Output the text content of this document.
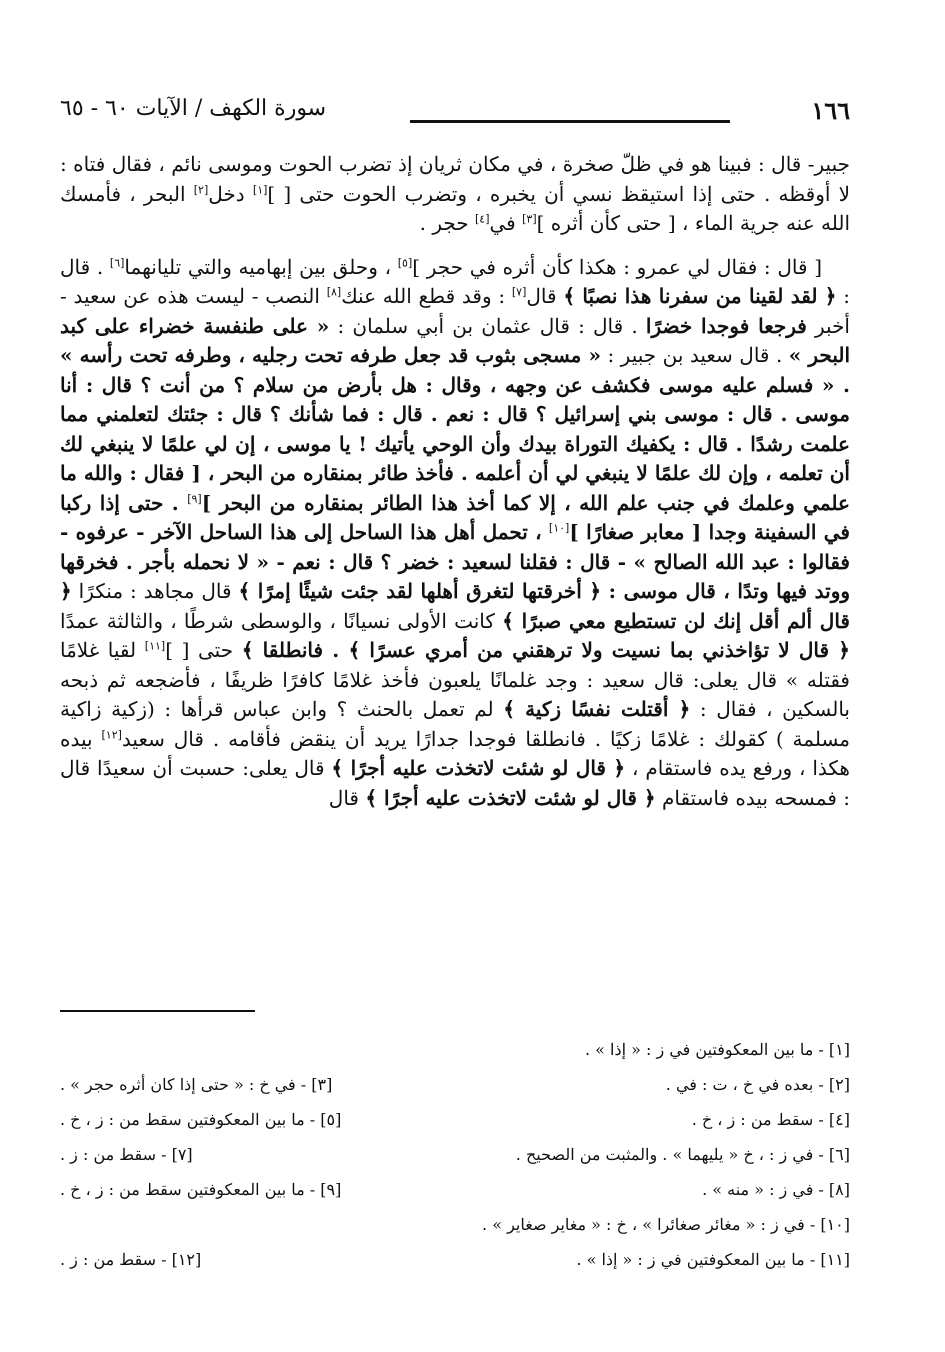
١٦٦
سورة الكهف / الآيات ٦٠ - ٦٥

جبير- قال : فبينا هو في ظلّ صخرة ، في مكان ثريان إذ تضرب الحوت وموسى نائم ، فقال فتاه : لا أوقظه . حتى إذا استيقظ نسي أن يخبره ، وتضرب الحوت حتى [ ][١] دخل[٢] البحر ، فأمسك الله عنه جرية الماء ، [ حتى كأن أثره ][٣] في[٤] حجر .

[ قال : فقال لي عمرو : هكذا كأن أثره في حجر ][٥] ، وحلق بين إبهاميه والتي تليانهما[٦] . قال : ﴿ لقد لقينا من سفرنا هذا نصبًا ﴾ قال[٧] : وقد قطع الله عنك[٨] النصب - ليست هذه عن سعيد - أخبر فرجعا فوجدا خضرًا . قال : قال عثمان بن أبي سلمان : « على طنفسة خضراء على كبد البحر » . قال سعيد بن جبير : « مسجى بثوب قد جعل طرفه تحت رجليه ، وطرفه تحت رأسه » . « فسلم عليه موسى فكشف عن وجهه ، وقال : هل بأرض من سلام ؟ من أنت ؟ قال : أنا موسى . قال : موسى بني إسرائيل ؟ قال : نعم . قال : فما شأنك ؟ قال : جئتك لتعلمني مما علمت رشدًا . قال : يكفيك التوراة بيدك وأن الوحي يأتيك ! يا موسى ، إن لي علمًا لا ينبغي لك أن تعلمه ، وإن لك علمًا لا ينبغي لي أن أعلمه . فأخذ طائر بمنقاره من البحر ، [ فقال : والله ما علمي وعلمك في جنب علم الله ، إلا كما أخذ هذا الطائر بمنقاره من البحر ][٩] . حتى إذا ركبا في السفينة وجدا [ معابر صغارًا ][١٠] ، تحمل أهل هذا الساحل إلى هذا الساحل الآخر - عرفوه - فقالوا : عبد الله الصالح » - قال : فقلنا لسعيد : خضر ؟ قال : نعم - « لا نحمله بأجر . فخرقها ووتد فيها وتدًا ، قال موسى : ﴿ أخرقتها لتغرق أهلها لقد جئت شيئًا إمرًا ﴾ قال مجاهد : منكرًا ﴿ قال ألم أقل إنك لن تستطيع معي صبرًا ﴾ كانت الأولى نسيانًا ، والوسطى شرطًا ، والثالثة عمدًا ﴿ قال لا تؤاخذني بما نسيت ولا ترهقني من أمري عسرًا ﴾ . فانطلقا ﴾ حتى [ ][١١] لقيا غلامًا فقتله » قال يعلى: قال سعيد : وجد غلمانًا يلعبون فأخذ غلامًا كافرًا ظريفًا ، فأضجعه ثم ذبحه بالسكين ، فقال : ﴿ أقتلت نفسًا زكية ﴾ لم تعمل بالحنث ؟ وابن عباس قرأها : (زكية زاكية مسلمة ) كقولك : غلامًا زكيًا . فانطلقا فوجدا جدارًا يريد أن ينقض فأقامه . قال سعيد[١٢] بيده هكذا ، ورفع يده فاستقام ، ﴿ قال لو شئت لاتخذت عليه أجرًا ﴾ قال يعلى: حسبت أن سعيدًا قال : فمسحه بيده فاستقام ﴿ قال لو شئت لاتخذت عليه أجرًا ﴾ قال

[١] - ما بين المعكوفتين في ز : « إذا » .
[٢] - بعده في خ ، ت : في .
[٣] - في خ : « حتى إذا كان أثره حجر » .
[٤] - سقط من : ز ، خ .
[٥] - ما بين المعكوفتين سقط من : ز ، خ .
[٦] - في ز : ، خ « يليهما » . والمثبت من الصحيح .
[٧] - سقط من : ز .
[٨] - في ز : « منه » .
[٩] - ما بين المعكوفتين سقط من : ز ، خ .
[١٠] - في ز : « مغائر صغائرا » ، خ : « مغاير صغاير » .
[١١] - ما بين المعكوفتين في ز : « إذا » .
[١٢] - سقط من : ز .
